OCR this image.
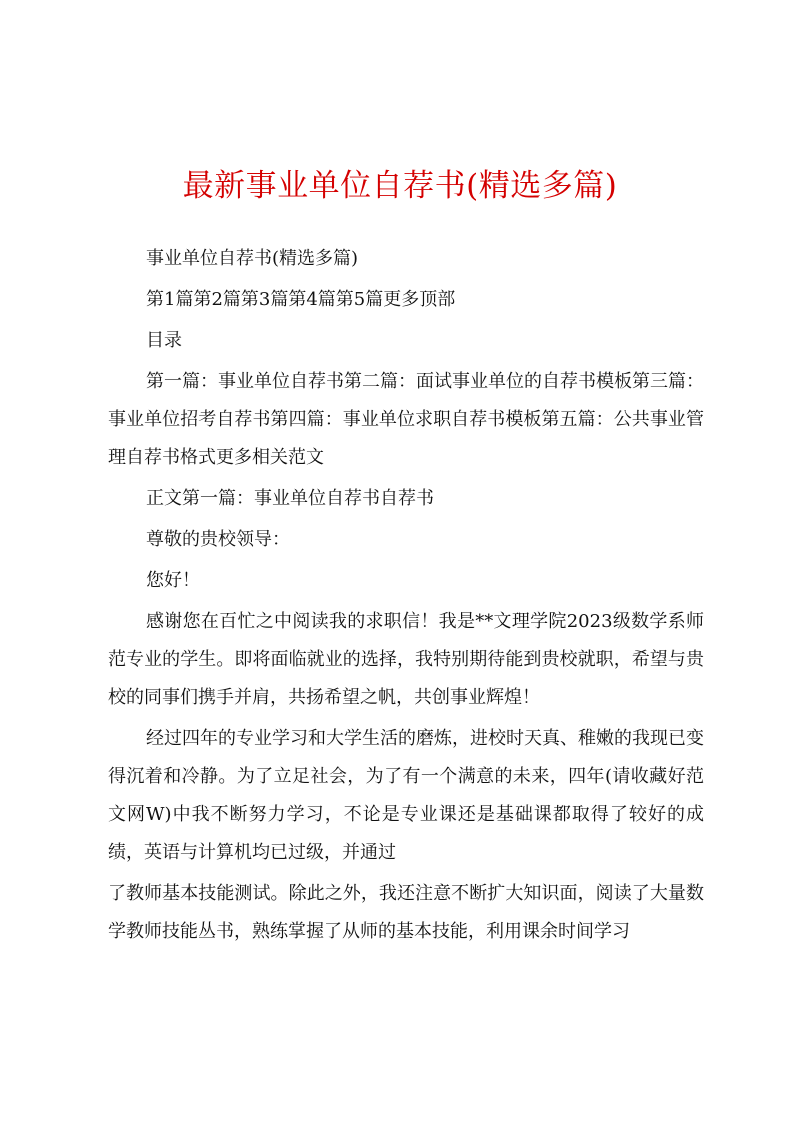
最新事业单位自荐书(精选多篇)

事业单位自荐书(精选多篇)

第1篇第2篇第3篇第4篇第5篇更多顶部

目录

第一篇：事业单位自荐书第二篇：面试事业单位的自荐书模板第三篇：事业单位招考自荐书第四篇：事业单位求职自荐书模板第五篇：公共事业管理自荐书格式更多相关范文

正文第一篇：事业单位自荐书自荐书

尊敬的贵校领导：

您好！

感谢您在百忙之中阅读我的求职信！我是**文理学院2023级数学系师范专业的学生。即将面临就业的选择，我特别期待能到贵校就职，希望与贵校的同事们携手并肩，共扬希望之帆，共创事业辉煌！

经过四年的专业学习和大学生活的磨炼，进校时天真、稚嫩的我现已变得沉着和冷静。为了立足社会，为了有一个满意的未来，四年(请收藏好范文网W)中我不断努力学习，不论是专业课还是基础课都取得了较好的成绩，英语与计算机均已过级，并通过

了教师基本技能测试。除此之外，我还注意不断扩大知识面，阅读了大量数学教师技能丛书，熟练掌握了从师的基本技能，利用课余时间学习
